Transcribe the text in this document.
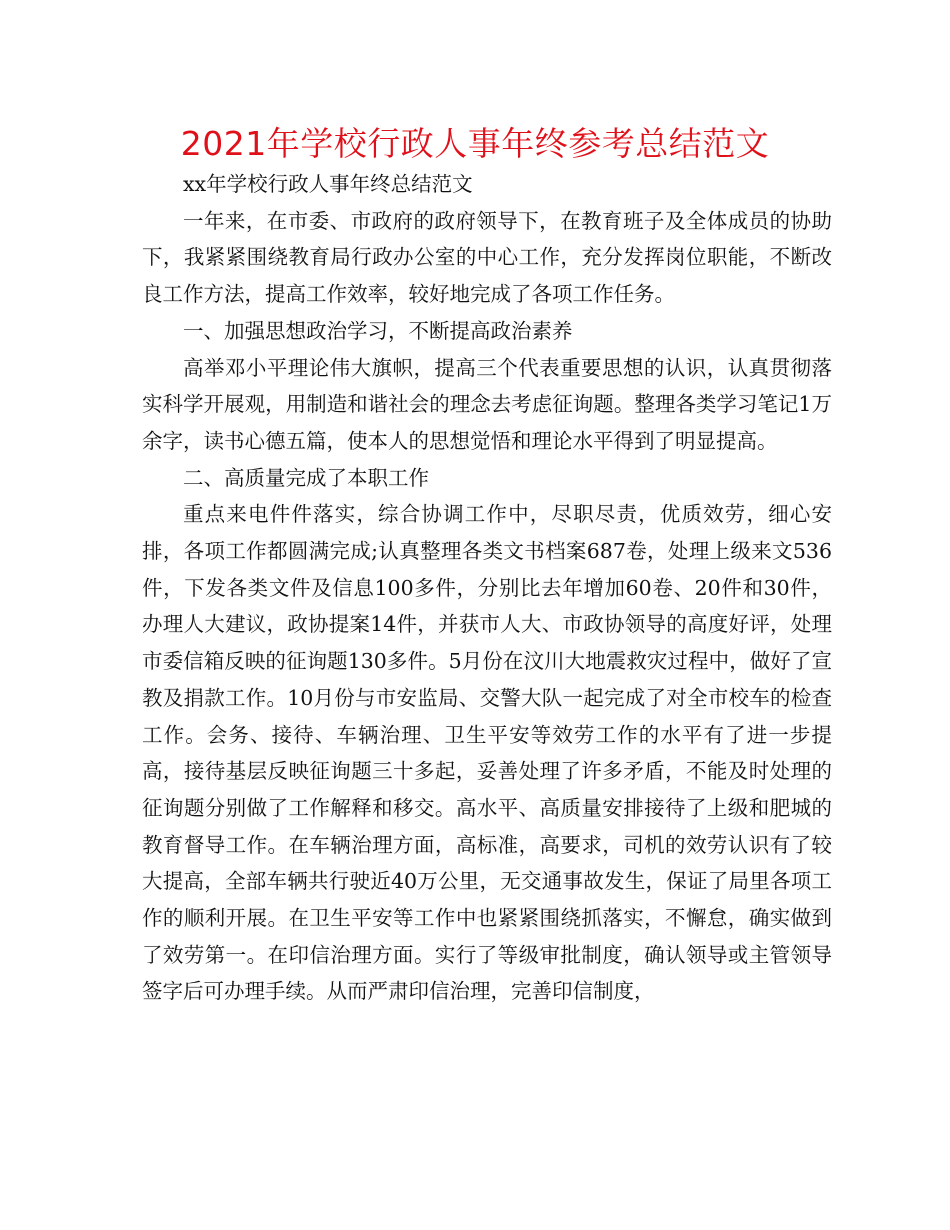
2021年学校行政人事年终参考总结范文

xx年学校行政人事年终总结范文

一年来，在市委、市政府的政府领导下，在教育班子及全体成员的协助下，我紧紧围绕教育局行政办公室的中心工作，充分发挥岗位职能，不断改良工作方法，提高工作效率，较好地完成了各项工作任务。

一、加强思想政治学习，不断提高政治素养

高举邓小平理论伟大旗帜，提高三个代表重要思想的认识，认真贯彻落实科学开展观，用制造和谐社会的理念去考虑征询题。整理各类学习笔记1万余字，读书心德五篇，使本人的思想觉悟和理论水平得到了明显提高。

二、高质量完成了本职工作

重点来电件件落实，综合协调工作中，尽职尽责，优质效劳，细心安排，各项工作都圆满完成;认真整理各类文书档案687卷，处理上级来文536件，下发各类文件及信息100多件，分别比去年增加60卷、20件和30件，办理人大建议，政协提案14件，并获市人大、市政协领导的高度好评，处理市委信箱反映的征询题130多件。5月份在汶川大地震救灾过程中，做好了宣教及捐款工作。10月份与市安监局、交警大队一起完成了对全市校车的检查工作。会务、接待、车辆治理、卫生平安等效劳工作的水平有了进一步提高，接待基层反映征询题三十多起，妥善处理了许多矛盾，不能及时处理的征询题分别做了工作解释和移交。高水平、高质量安排接待了上级和肥城的教育督导工作。在车辆治理方面，高标准，高要求，司机的效劳认识有了较大提高，全部车辆共行驶近40万公里，无交通事故发生，保证了局里各项工作的顺利开展。在卫生平安等工作中也紧紧围绕抓落实，不懈怠，确实做到了效劳第一。在印信治理方面。实行了等级审批制度，确认领导或主管领导签字后可办理手续。从而严肃印信治理，完善印信制度，
